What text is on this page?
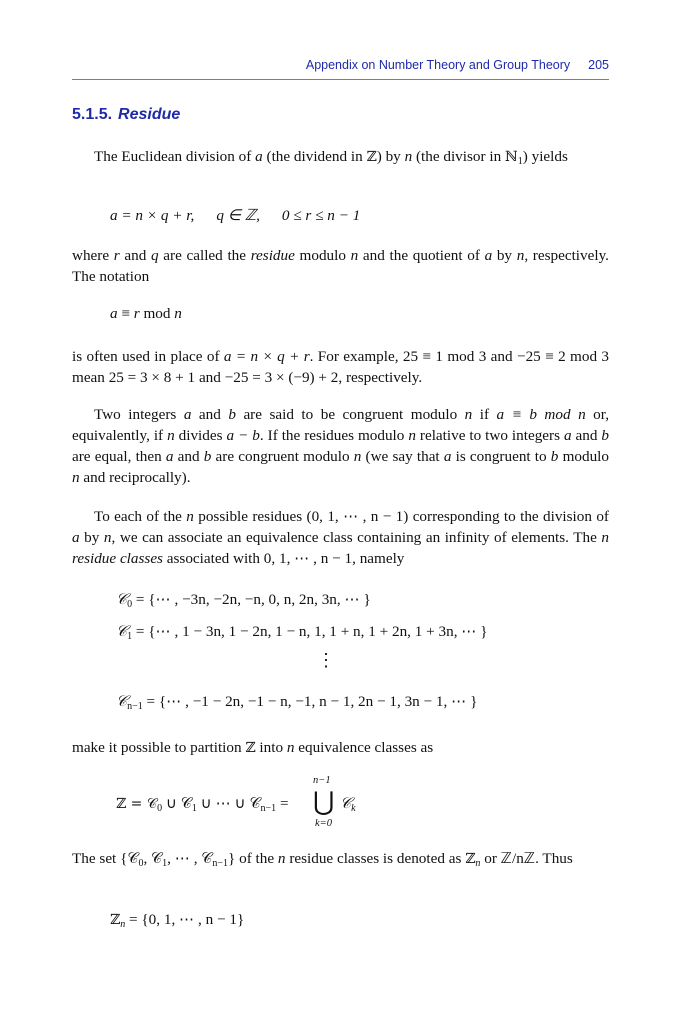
Appendix on Number Theory and Group Theory 205
5.1.5. Residue
The Euclidean division of a (the dividend in ℤ) by n (the divisor in ℕ$_1$) yields
a = n × q + r, q ∈ ℤ, 0 ≤ r ≤ n − 1
where r and q are called the residue modulo n and the quotient of a by n, respectively. The notation
a ≡ r mod n
is often used in place of a = n × q + r. For example, 25 ≡ 1 mod 3 and −25 ≡ 2 mod 3 mean 25 = 3 × 8 + 1 and −25 = 3 × (−9) + 2, respectively.
Two integers a and b are said to be congruent modulo n if a ≡ b mod n or, equivalently, if n divides a − b. If the residues modulo n relative to two integers a and b are equal, then a and b are congruent modulo n (we say that a is congruent to b modulo n and reciprocally).
To each of the n possible residues (0, 1, ⋯ , n − 1) corresponding to the division of a by n, we can associate an equivalence class containing an infinity of elements. The n residue classes associated with 0, 1, ⋯ , n − 1, namely
𝒞$_0$ = {⋯ , −3n, −2n, −n, 0, n, 2n, 3n, ⋯ }
𝒞$_1$ = {⋯ , 1 − 3n, 1 − 2n, 1 − n, 1, 1 + n, 1 + 2n, 1 + 3n, ⋯ }
⋮
𝒞$_{n-1}$ = {⋯ , −1 − 2n, −1 − n, −1, n − 1, 2n − 1, 3n − 1, ⋯ }
make it possible to partition ℤ into n equivalence classes as
ℤ = 𝒞$_0$ ∪ 𝒞$_1$ ∪ ⋯ ∪ 𝒞$_{n-1}$ =
n−1
⋃
k=0
𝒞$_k$
The set {𝒞$_0$, 𝒞$_1$, ⋯ , 𝒞$_{n-1}$} of the n residue classes is denoted as ℤ$_n$ or ℤ/nℤ. Thus
ℤ$_n$ = {0, 1, ⋯ , n − 1}
